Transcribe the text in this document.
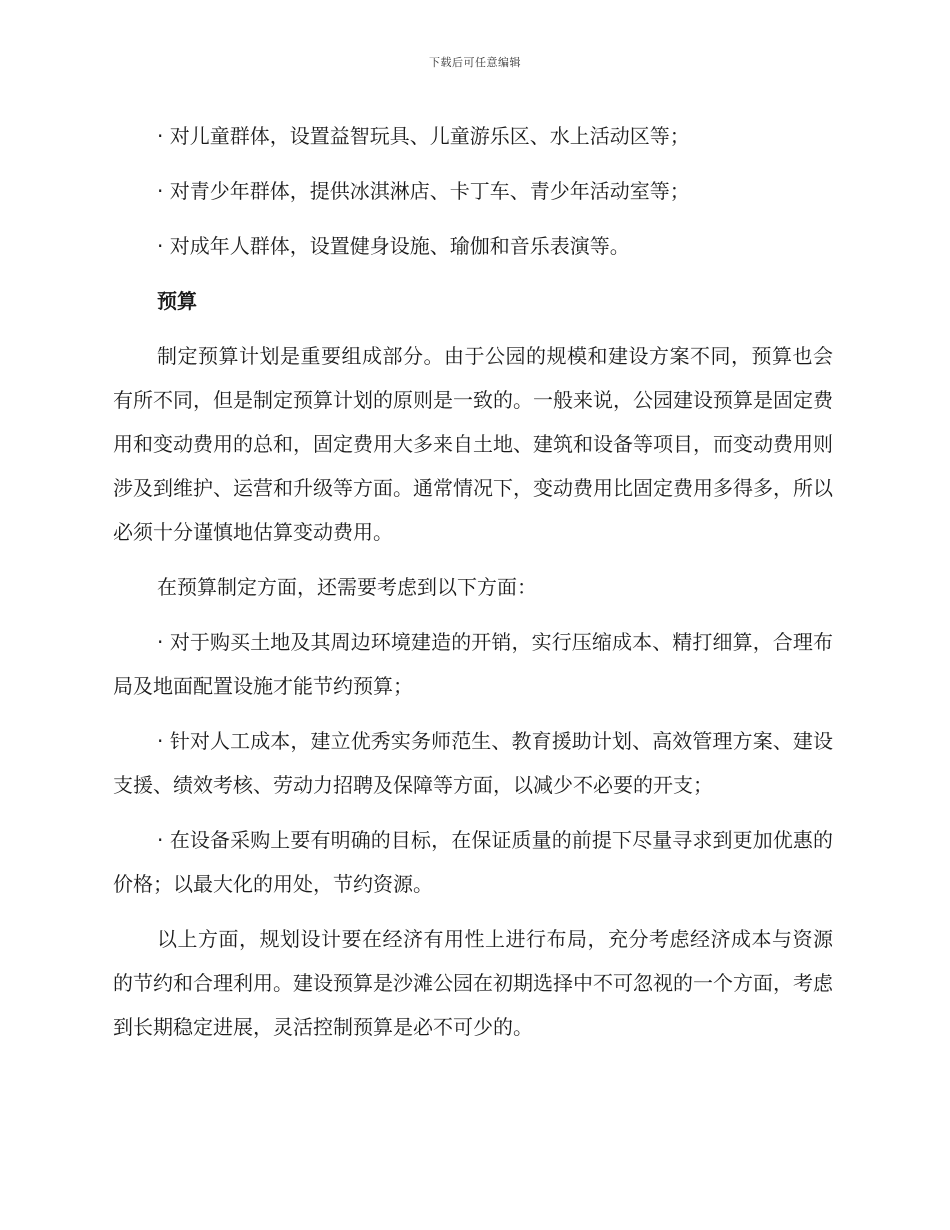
下载后可任意编辑

· 对儿童群体，设置益智玩具、儿童游乐区、水上活动区等；

· 对青少年群体，提供冰淇淋店、卡丁车、青少年活动室等；

· 对成年人群体，设置健身设施、瑜伽和音乐表演等。

预算

制定预算计划是重要组成部分。由于公园的规模和建设方案不同，预算也会有所不同，但是制定预算计划的原则是一致的。一般来说，公园建设预算是固定费用和变动费用的总和，固定费用大多来自土地、建筑和设备等项目，而变动费用则涉及到维护、运营和升级等方面。通常情况下，变动费用比固定费用多得多，所以必须十分谨慎地估算变动费用。

在预算制定方面，还需要考虑到以下方面：

· 对于购买土地及其周边环境建造的开销，实行压缩成本、精打细算，合理布局及地面配置设施才能节约预算；

· 针对人工成本，建立优秀实务师范生、教育援助计划、高效管理方案、建设支援、绩效考核、劳动力招聘及保障等方面，以减少不必要的开支；

· 在设备采购上要有明确的目标，在保证质量的前提下尽量寻求到更加优惠的价格；以最大化的用处，节约资源。

以上方面，规划设计要在经济有用性上进行布局，充分考虑经济成本与资源的节约和合理利用。建设预算是沙滩公园在初期选择中不可忽视的一个方面，考虑到长期稳定进展，灵活控制预算是必不可少的。
